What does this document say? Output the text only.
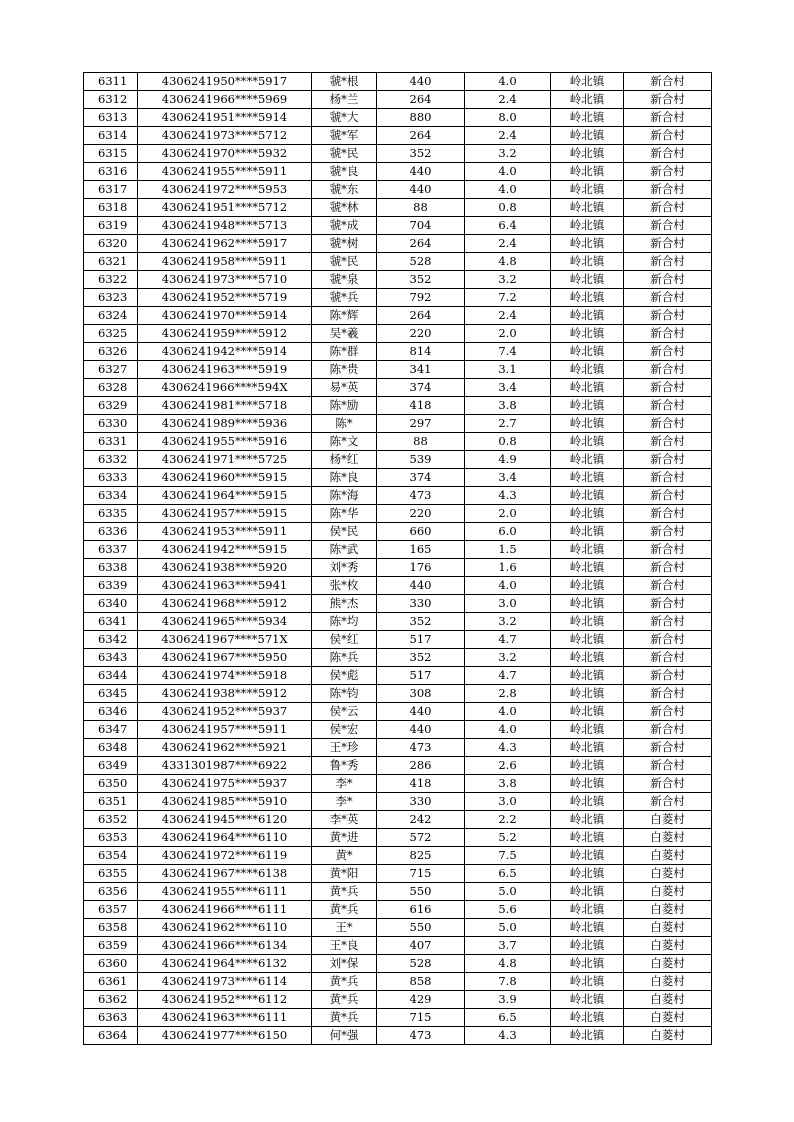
6311	4306241950****5917	虢*根	440	4.0	岭北镇	新合村
6312	4306241966****5969	杨*兰	264	2.4	岭北镇	新合村
6313	4306241951****5914	虢*大	880	8.0	岭北镇	新合村
6314	4306241973****5712	虢*军	264	2.4	岭北镇	新合村
6315	4306241970****5932	虢*民	352	3.2	岭北镇	新合村
6316	4306241955****5911	虢*良	440	4.0	岭北镇	新合村
6317	4306241972****5953	虢*东	440	4.0	岭北镇	新合村
6318	4306241951****5712	虢*林	88	0.8	岭北镇	新合村
6319	4306241948****5713	虢*成	704	6.4	岭北镇	新合村
6320	4306241962****5917	虢*树	264	2.4	岭北镇	新合村
6321	4306241958****5911	虢*民	528	4.8	岭北镇	新合村
6322	4306241973****5710	虢*泉	352	3.2	岭北镇	新合村
6323	4306241952****5719	虢*兵	792	7.2	岭北镇	新合村
6324	4306241970****5914	陈*辉	264	2.4	岭北镇	新合村
6325	4306241959****5912	吴*羲	220	2.0	岭北镇	新合村
6326	4306241942****5914	陈*群	814	7.4	岭北镇	新合村
6327	4306241963****5919	陈*贵	341	3.1	岭北镇	新合村
6328	4306241966****594X	易*英	374	3.4	岭北镇	新合村
6329	4306241981****5718	陈*励	418	3.8	岭北镇	新合村
6330	4306241989****5936	陈*	297	2.7	岭北镇	新合村
6331	4306241955****5916	陈*文	88	0.8	岭北镇	新合村
6332	4306241971****5725	杨*红	539	4.9	岭北镇	新合村
6333	4306241960****5915	陈*良	374	3.4	岭北镇	新合村
6334	4306241964****5915	陈*海	473	4.3	岭北镇	新合村
6335	4306241957****5915	陈*华	220	2.0	岭北镇	新合村
6336	4306241953****5911	侯*民	660	6.0	岭北镇	新合村
6337	4306241942****5915	陈*武	165	1.5	岭北镇	新合村
6338	4306241938****5920	刘*秀	176	1.6	岭北镇	新合村
6339	4306241963****5941	张*枚	440	4.0	岭北镇	新合村
6340	4306241968****5912	熊*杰	330	3.0	岭北镇	新合村
6341	4306241965****5934	陈*均	352	3.2	岭北镇	新合村
6342	4306241967****571X	侯*红	517	4.7	岭北镇	新合村
6343	4306241967****5950	陈*兵	352	3.2	岭北镇	新合村
6344	4306241974****5918	侯*彪	517	4.7	岭北镇	新合村
6345	4306241938****5912	陈*钧	308	2.8	岭北镇	新合村
6346	4306241952****5937	侯*云	440	4.0	岭北镇	新合村
6347	4306241957****5911	侯*宏	440	4.0	岭北镇	新合村
6348	4306241962****5921	王*珍	473	4.3	岭北镇	新合村
6349	4331301987****6922	鲁*秀	286	2.6	岭北镇	新合村
6350	4306241975****5937	李*	418	3.8	岭北镇	新合村
6351	4306241985****5910	李*	330	3.0	岭北镇	新合村
6352	4306241945****6120	李*英	242	2.2	岭北镇	白菱村
6353	4306241964****6110	黄*进	572	5.2	岭北镇	白菱村
6354	4306241972****6119	黄*	825	7.5	岭北镇	白菱村
6355	4306241967****6138	黄*阳	715	6.5	岭北镇	白菱村
6356	4306241955****6111	黄*兵	550	5.0	岭北镇	白菱村
6357	4306241966****6111	黄*兵	616	5.6	岭北镇	白菱村
6358	4306241962****6110	王*	550	5.0	岭北镇	白菱村
6359	4306241966****6134	王*良	407	3.7	岭北镇	白菱村
6360	4306241964****6132	刘*保	528	4.8	岭北镇	白菱村
6361	4306241973****6114	黄*兵	858	7.8	岭北镇	白菱村
6362	4306241952****6112	黄*兵	429	3.9	岭北镇	白菱村
6363	4306241963****6111	黄*兵	715	6.5	岭北镇	白菱村
6364	4306241977****6150	何*强	473	4.3	岭北镇	白菱村
